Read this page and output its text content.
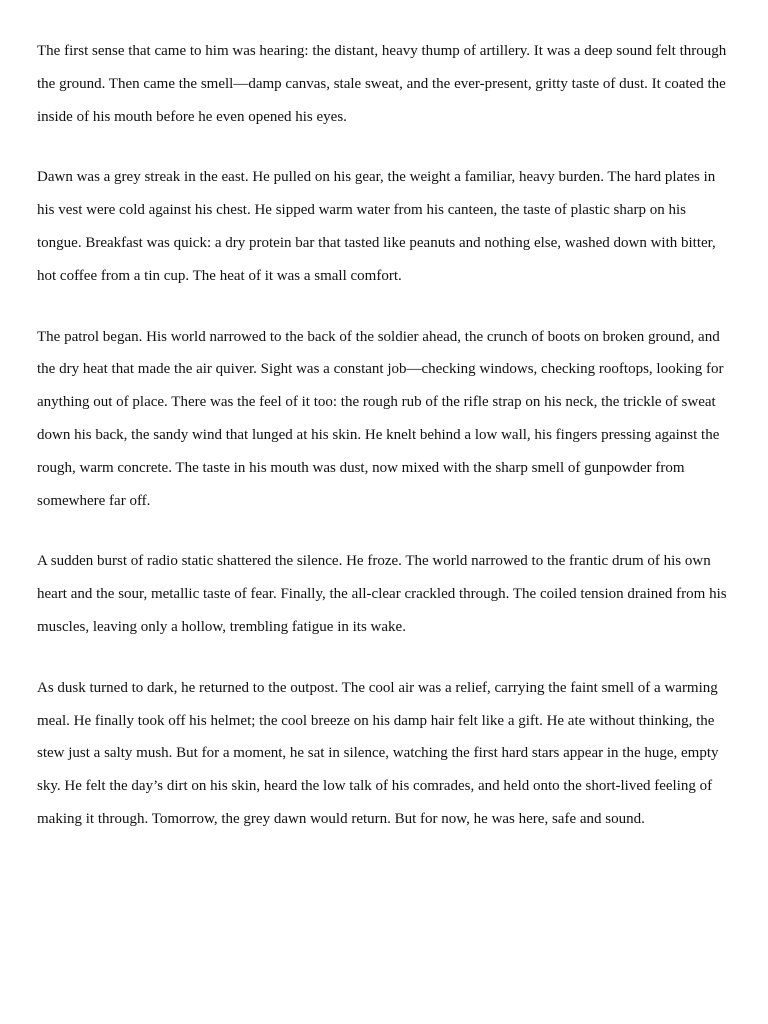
The first sense that came to him was hearing: the distant, heavy thump of artillery. It was a deep sound felt through the ground. Then came the smell—damp canvas, stale sweat, and the ever-present, gritty taste of dust. It coated the inside of his mouth before he even opened his eyes.

Dawn was a grey streak in the east. He pulled on his gear, the weight a familiar, heavy burden. The hard plates in his vest were cold against his chest. He sipped warm water from his canteen, the taste of plastic sharp on his tongue. Breakfast was quick: a dry protein bar that tasted like peanuts and nothing else, washed down with bitter, hot coffee from a tin cup. The heat of it was a small comfort.

The patrol began. His world narrowed to the back of the soldier ahead, the crunch of boots on broken ground, and the dry heat that made the air quiver. Sight was a constant job—checking windows, checking rooftops, looking for anything out of place. There was the feel of it too: the rough rub of the rifle strap on his neck, the trickle of sweat down his back, the sandy wind that lunged at his skin. He knelt behind a low wall, his fingers pressing against the rough, warm concrete. The taste in his mouth was dust, now mixed with the sharp smell of gunpowder from somewhere far off.

A sudden burst of radio static shattered the silence. He froze. The world narrowed to the frantic drum of his own heart and the sour, metallic taste of fear. Finally, the all-clear crackled through. The coiled tension drained from his muscles, leaving only a hollow, trembling fatigue in its wake.

As dusk turned to dark, he returned to the outpost. The cool air was a relief, carrying the faint smell of a warming meal. He finally took off his helmet; the cool breeze on his damp hair felt like a gift. He ate without thinking, the stew just a salty mush. But for a moment, he sat in silence, watching the first hard stars appear in the huge, empty sky. He felt the day’s dirt on his skin, heard the low talk of his comrades, and held onto the short-lived feeling of making it through. Tomorrow, the grey dawn would return. But for now, he was here, safe and sound.
